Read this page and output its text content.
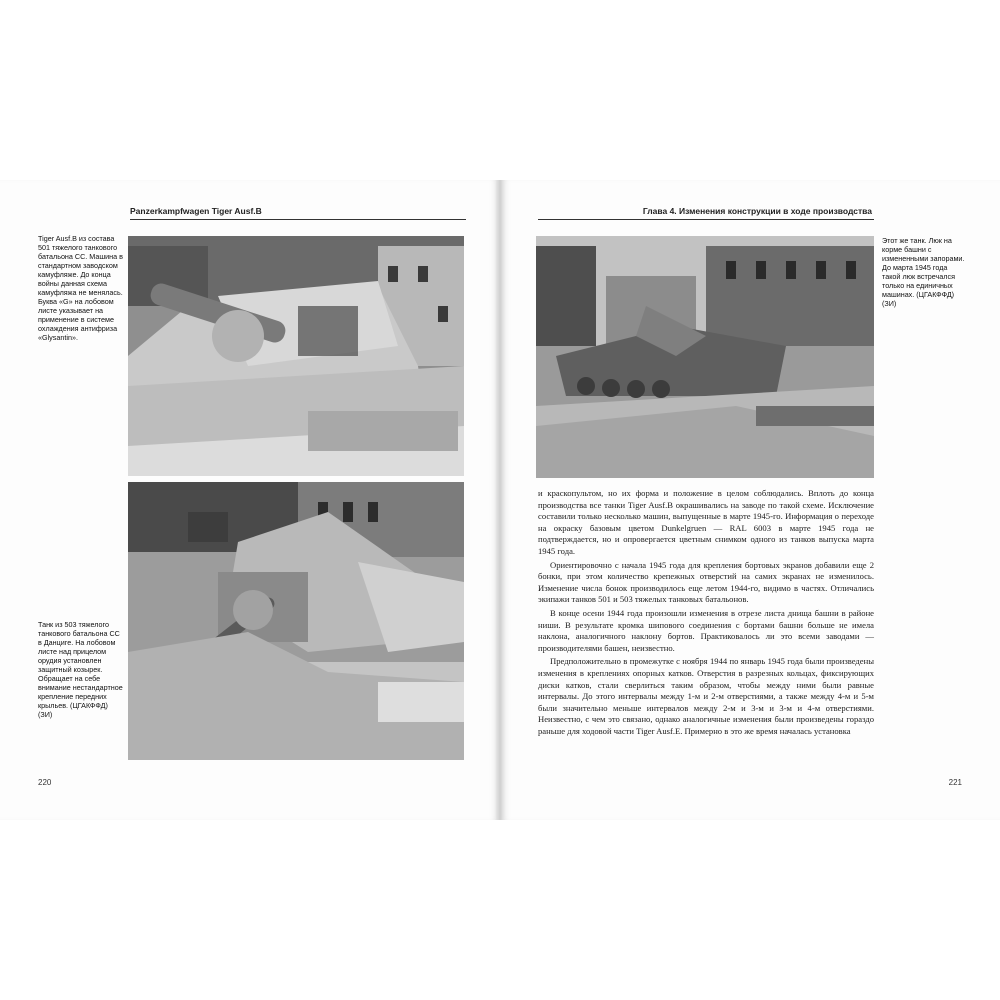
Panzerkampfwagen Tiger Ausf.B
Tiger Ausf.B из состава 501 тяжелого танкового батальона СС. Машина в стандартном заводском камуфляже. До конца войны данная схема камуфляжа не менялась. Буква «G» на лобовом листе указывает на применение в системе охлаждения антифриза «Glysantin».
Танк из 503 тяжелого танкового батальона СС в Данциге. На лобовом листе над прицелом орудия установлен защитный козырек. Обращает на себе внимание нестандартное крепление передних крыльев. (ЦГАКФФД) (ЗИ)
220
Глава 4. Изменения конструкции в ходе производства
Этот же танк. Люк на корме башни с измененными запорами. До марта 1945 года такой люк встречался только на единичных машинах. (ЦГАКФФД) (ЗИ)

и краскопультом, но их форма и положение в целом соблюдались. Вплоть до конца производства все танки Tiger Ausf.B окрашивались на заводе по такой схеме. Исключение составили только несколько машин, выпущенные в марте 1945-го. Информация о переходе на окраску базовым цветом Dunkelgruen — RAL 6003 в марте 1945 года не подтверждается, но и опровергается цветным снимком одного из танков выпуска марта 1945 года.

Ориентировочно с начала 1945 года для крепления бортовых экранов добавили еще 2 бонки, при этом количество крепежных отверстий на самих экранах не изменилось. Изменение числа бонок производилось еще летом 1944-го, видимо в частях. Отличались экипажи танков 501 и 503 тяжелых танковых батальонов.

В конце осени 1944 года произошли изменения в отрезе листа днища башни в районе ниши. В результате кромка шипового соединения с бортами башни больше не имела наклона, аналогичного наклону бортов. Практиковалось ли это всеми заводами — производителями башен, неизвестно.

Предположительно в промежутке с ноября 1944 по январь 1945 года были произведены изменения в креплениях опорных катков. Отверстия в разрезных кольцах, фиксирующих диски катков, стали сверлиться таким образом, чтобы между ними были равные интервалы. До этого интервалы между 1-м и 2-м отверстиями, а также между 4-м и 5-м были значительно меньше интервалов между 2-м и 3-м и 3-м и 4-м отверстиями. Неизвестно, с чем это связано, однако аналогичные изменения были произведены гораздо раньше для ходовой части Tiger Ausf.E. Примерно в это же время началась установка

221
